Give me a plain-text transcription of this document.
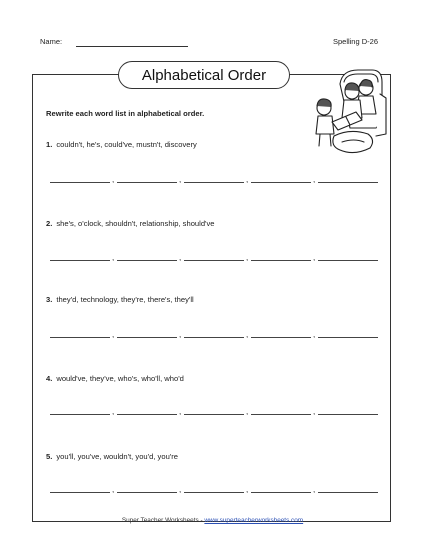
Name:	Spelling D-26
Alphabetical Order
Rewrite each word list in alphabetical order.
1. couldn't, he's, could've, mustn't, discovery
,	,	,	,
2. she's, o'clock, shouldn't, relationship, should've
,	,	,	,
3. they'd, technology, they're, there's, they'll
,	,	,	,
4. would've, they've, who's, who'll, who'd
,	,	,	,
5. you'll, you've, wouldn't, you'd, you're
,	,	,	,
Super Teacher Worksheets - www.superteacherworksheets.com
